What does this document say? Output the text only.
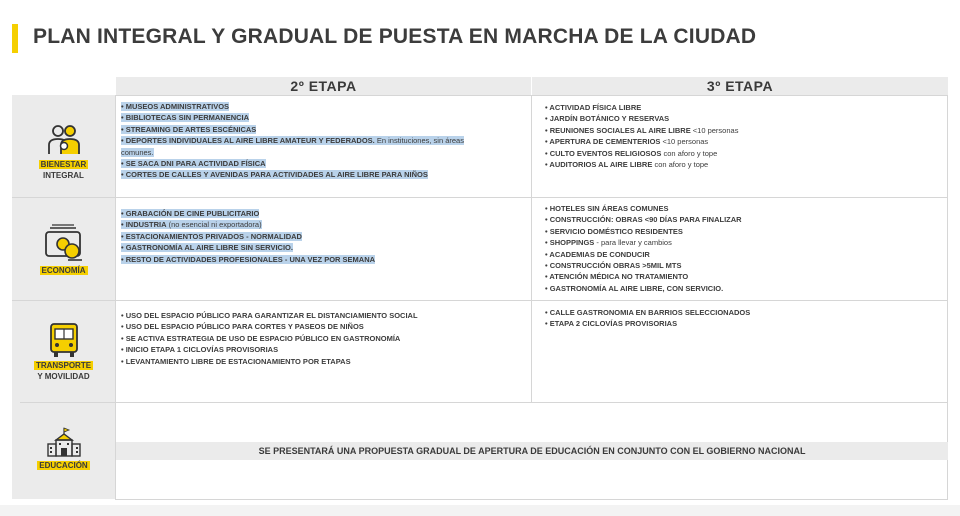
PLAN INTEGRAL Y GRADUAL DE PUESTA EN MARCHA DE LA CIUDAD
2º ETAPA	3º ETAPA
BIENESTAR
INTEGRAL
• MUSEOS ADMINISTRATIVOS
• BIBLIOTECAS SIN PERMANENCIA
• STREAMING DE ARTES ESCÉNICAS
• DEPORTES INDIVIDUALES AL AIRE LIBRE AMATEUR Y FEDERADOS. En instituciones, sin áreas
comunes.
• SE SACA DNI PARA ACTIVIDAD FÍSICA
• CORTES DE CALLES Y AVENIDAS PARA ACTIVIDADES AL AIRE LIBRE PARA NIÑOS
• ACTIVIDAD FÍSICA LIBRE
• JARDÍN BOTÁNICO Y RESERVAS
• REUNIONES SOCIALES AL AIRE LIBRE <10 personas
• APERTURA DE CEMENTERIOS <10 personas
• CULTO EVENTOS RELIGIOSOS con aforo y tope
• AUDITORIOS AL AIRE LIBRE con aforo y tope
ECONOMÍA
• GRABACIÓN DE CINE PUBLICITARIO
• INDUSTRIA (no esencial ni exportadora)
• ESTACIONAMIENTOS PRIVADOS - NORMALIDAD
• GASTRONOMÍA AL AIRE LIBRE SIN SERVICIO.
• RESTO DE ACTIVIDADES PROFESIONALES - UNA VEZ POR SEMANA
• HOTELES SIN ÁREAS COMUNES
• CONSTRUCCIÓN: OBRAS <90 DÍAS PARA FINALIZAR
• SERVICIO DOMÉSTICO RESIDENTES
• SHOPPINGS - para llevar y cambios
• ACADEMIAS DE CONDUCIR
• CONSTRUCCIÓN OBRAS >5MIL MTS
• ATENCIÓN MÉDICA NO TRATAMIENTO
• GASTRONOMÍA AL AIRE LIBRE, CON SERVICIO.
TRANSPORTE
Y MOVILIDAD
• USO DEL ESPACIO PÚBLICO PARA GARANTIZAR EL DISTANCIAMIENTO SOCIAL
• USO DEL ESPACIO PÚBLICO PARA CORTES Y PASEOS DE NIÑOS
• SE ACTIVA ESTRATEGIA DE USO DE ESPACIO PÚBLICO EN GASTRONOMÍA
• INICIO ETAPA 1 CICLOVÍAS PROVISORIAS
• LEVANTAMIENTO LIBRE DE ESTACIONAMIENTO POR ETAPAS
• CALLE GASTRONOMIA EN BARRIOS SELECCIONADOS
• ETAPA 2 CICLOVÍAS PROVISORIAS
EDUCACIÓN
SE PRESENTARÁ UNA PROPUESTA GRADUAL DE APERTURA DE EDUCACIÓN EN CONJUNTO CON EL GOBIERNO NACIONAL
